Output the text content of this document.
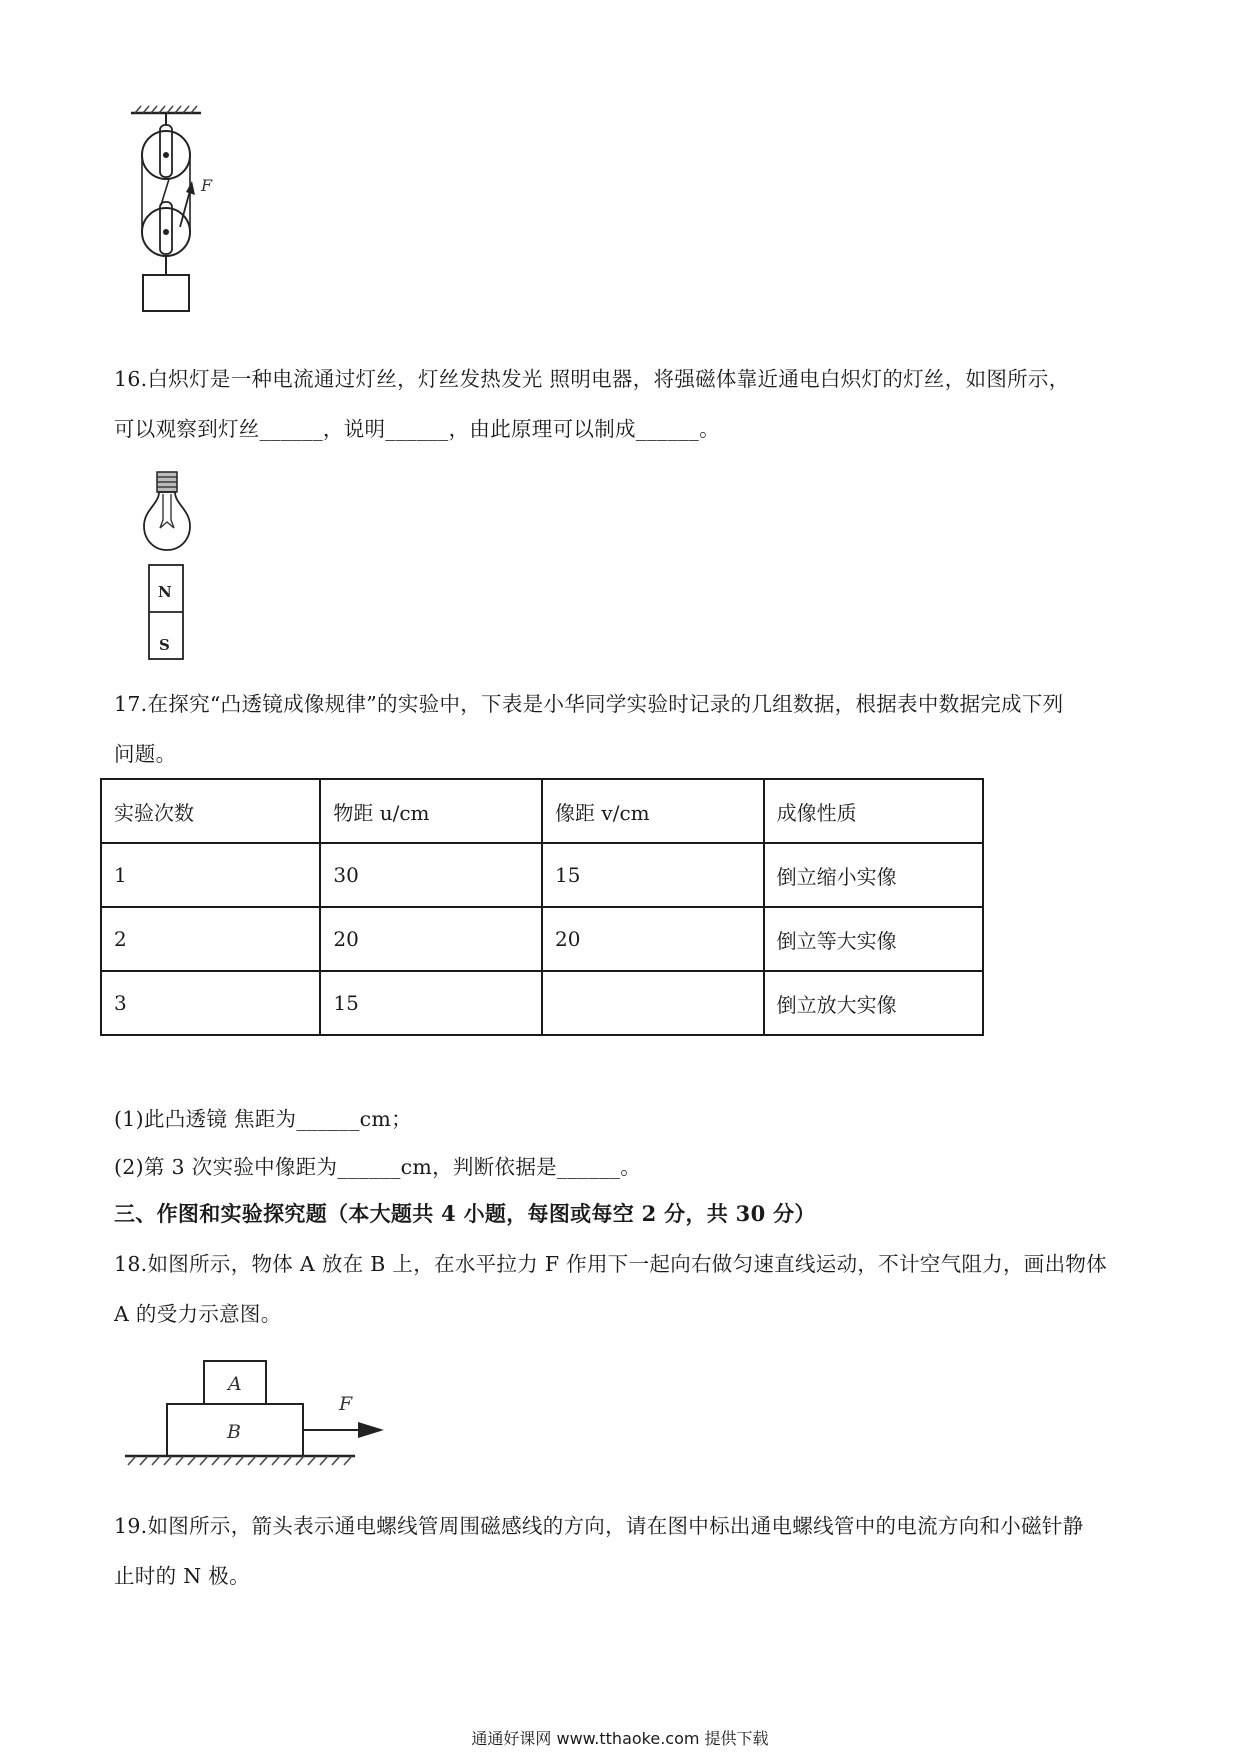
F
16.白炽灯是一种电流通过灯丝，灯丝发热发光 照明电器，将强磁体靠近通电白炽灯的灯丝，如图所示，
可以观察到灯丝______，说明______，由此原理可以制成______。
N
S
17.在探究“凸透镜成像规律”的实验中，下表是小华同学实验时记录的几组数据，根据表中数据完成下列
问题。
实验次数	物距 u/cm	像距 v/cm	成像性质
1	30	15	倒立缩小实像
2	20	20	倒立等大实像
3	15		倒立放大实像
(1)此凸透镜 焦距为______cm；
(2)第 3 次实验中像距为______cm，判断依据是______。
三、作图和实验探究题（本大题共 4 小题，每图或每空 2 分，共 30 分）
18.如图所示，物体 A 放在 B 上，在水平拉力 F 作用下一起向右做匀速直线运动，不计空气阻力，画出物体
A 的受力示意图。
A
B
F
19.如图所示，箭头表示通电螺线管周围磁感线的方向，请在图中标出通电螺线管中的电流方向和小磁针静
止时的 N 极。
通通好课网 www.tthaoke.com 提供下载
